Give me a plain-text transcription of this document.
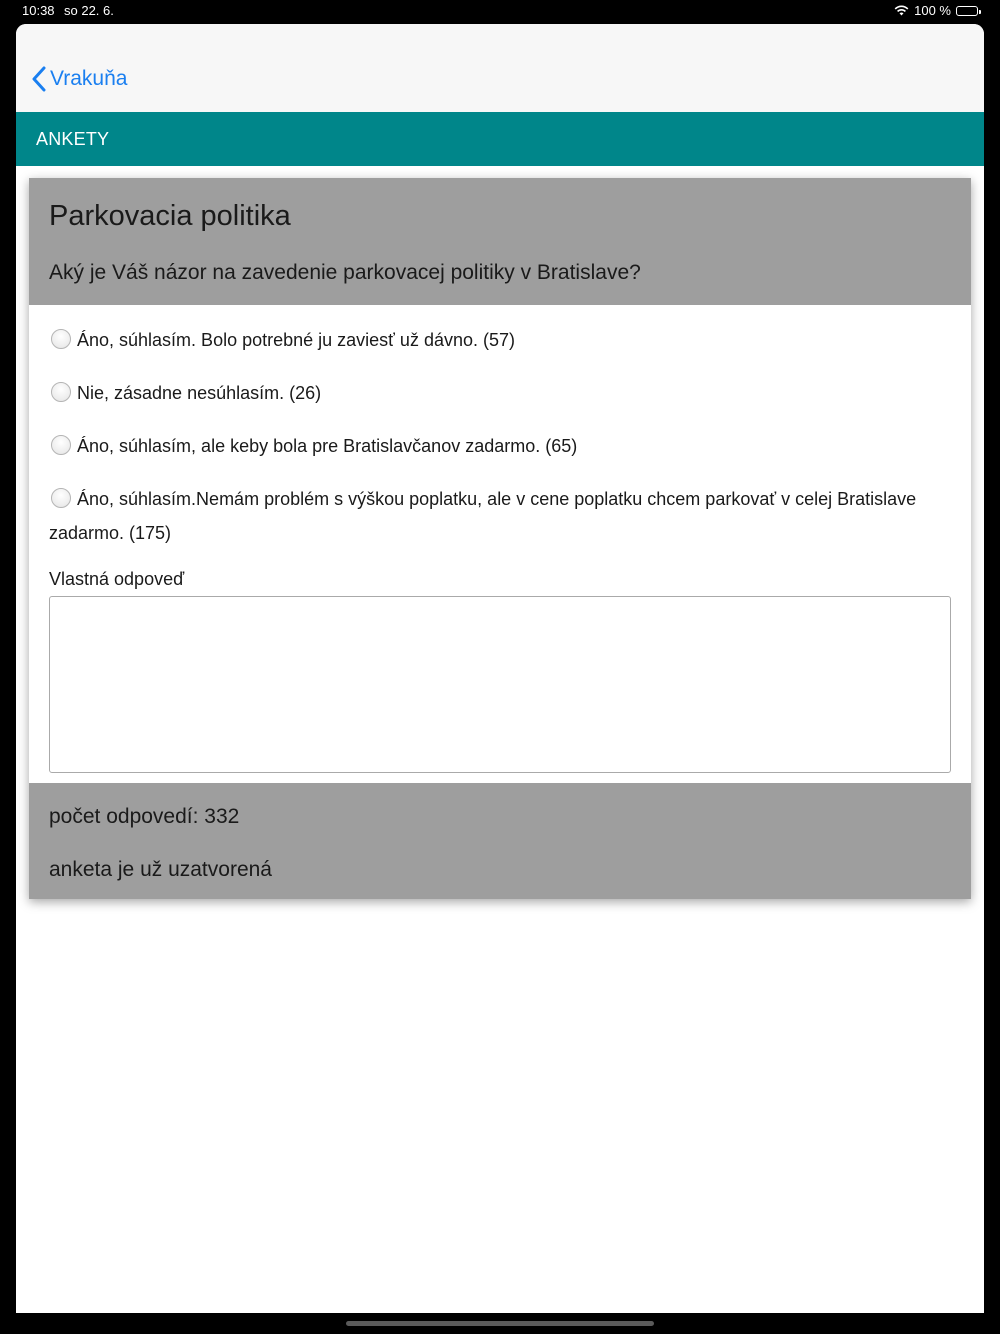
10:38 so 22. 6.	100 %
Vrakuňa
ANKETY
Parkovacia politika

Aký je Váš názor na zavedenie parkovacej politiky v Bratislave?

Áno, súhlasím. Bolo potrebné ju zaviesť už dávno. (57)
Nie, zásadne nesúhlasím. (26)
Áno, súhlasím, ale keby bola pre Bratislavčanov zadarmo. (65)
Áno, súhlasím.Nemám problém s výškou poplatku, ale v cene poplatku chcem parkovať v celej Bratislave zadarmo. (175)
Vlastná odpoveď

počet odpovedí: 332

anketa je už uzatvorená
